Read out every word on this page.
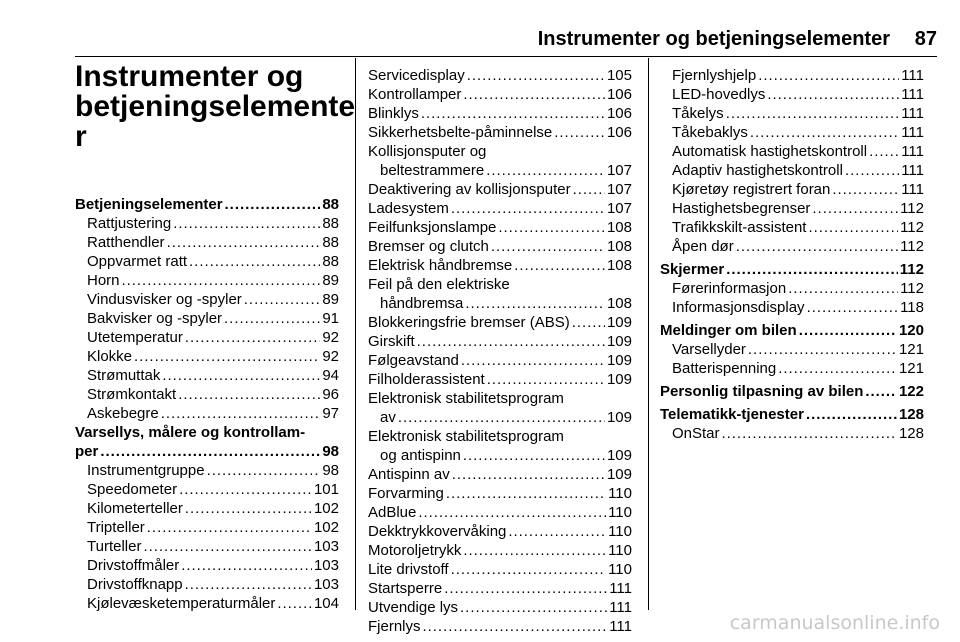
Instrumenter og betjeningselementer	87
Instrumenter og
betjeningselemente
r
Betjeningselementer . . .	88
Rattjustering . . .	88
Ratthendler . . .	88
Oppvarmet ratt . . .	88
Horn . . .	89
Vindusvisker og -spyler . . .	89
Bakvisker og -spyler . . .	91
Utetemperatur . . .	92
Klokke . . .	92
Strømuttak . . .	94
Strømkontakt . . .	96
Askebegre . . .	97
Varsellys, målere og kontrollam-
per . . .	98
Instrumentgruppe . . .	98
Speedometer . . .	101
Kilometerteller . . .	102
Tripteller . . .	102
Turteller . . .	103
Drivstoffmåler . . .	103
Drivstoffknapp . . .	103
Kjølevæsketemperaturmåler . . .	104
Servicedisplay . . .	105
Kontrollamper . . .	106
Blinklys . . .	106
Sikkerhetsbelte-påminnelse . . .	106
Kollisjonsputer og
beltestrammere . . .	107
Deaktivering av kollisjonsputer . . . 107
Ladesystem . . .	107
Feilfunksjonslampe . . .	108
Bremser og clutch . . .	108
Elektrisk håndbremse . . .	108
Feil på den elektriske
håndbremsa . . .	108
Blokkeringsfrie bremser (ABS) . . . 109
Girskift . . .	109
Følgeavstand . . .	109
Filholderassistent . . .	109
Elektronisk stabilitetsprogram
av . . .	109
Elektronisk stabilitetsprogram
og antispinn . . .	109
Antispinn av . . .	109
Forvarming . . .	110
AdBlue . . .	110
Dekktrykkovervåking . . .	110
Motoroljetrykk . . .	110
Lite drivstoff . . .	110
Startsperre . . .	111
Utvendige lys . . .	111
Fjernlys . . .	111
Fjernlyshjelp . . .	111
LED-hovedlys . . .	111
Tåkelys . . .	111
Tåkebaklys . . .	111
Automatisk hastighetskontroll . . . 111
Adaptiv hastighetskontroll . . .	111
Kjøretøy registrert foran . . .	111
Hastighetsbegrenser . . .	112
Trafikkskilt-assistent . . .	112
Åpen dør . . .	112
Skjermer . . .	112
Førerinformasjon . . .	112
Informasjonsdisplay . . .	118
Meldinger om bilen . . .	120
Varsellyder . . .	121
Batterispenning . . .	121
Personlig tilpasning av bilen . . . 122
Telematikk-tjenester . . .	128
OnStar . . .	128
carmanualsonline.info
